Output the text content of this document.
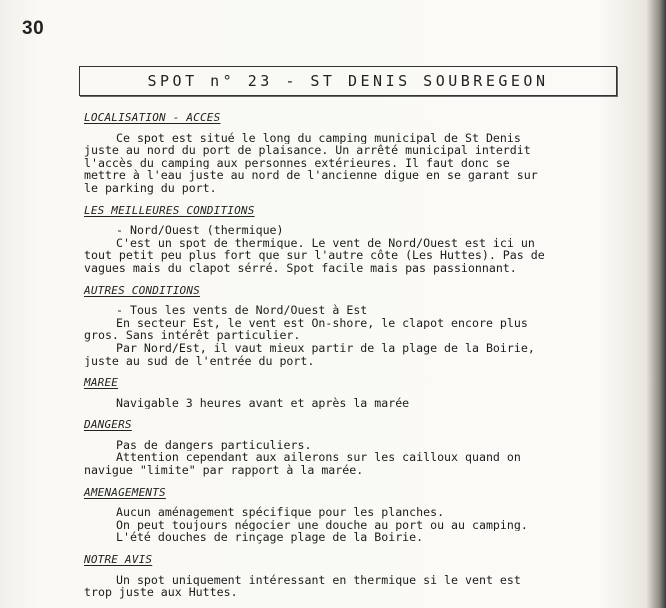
30
SPOT n° 23 - ST DENIS SOUBREGEON
LOCALISATION - ACCES
Ce spot est situé le long du camping municipal de St Denis
juste au nord du port de plaisance. Un arrêté municipal interdit
l'accès du camping aux personnes extérieures. Il faut donc se
mettre à l'eau juste au nord de l'ancienne digue en se garant sur
le parking du port.
LES MEILLEURES CONDITIONS
- Nord/Ouest (thermique)
C'est un spot de thermique. Le vent de Nord/Ouest est ici un
tout petit peu plus fort que sur l'autre côte (Les Huttes). Pas de
vagues mais du clapot sérré. Spot facile mais pas passionnant.
AUTRES CONDITIONS
- Tous les vents de Nord/Ouest à Est
En secteur Est, le vent est On-shore, le clapot encore plus
gros. Sans intérêt particulier.
Par Nord/Est, il vaut mieux partir de la plage de la Boirie,
juste au sud de l'entrée du port.
MAREE
Navigable 3 heures avant et après la marée
DANGERS
Pas de dangers particuliers.
Attention cependant aux ailerons sur les cailloux quand on
navigue "limite" par rapport à la marée.
AMENAGEMENTS
Aucun aménagement spécifique pour les planches.
On peut toujours négocier une douche au port ou au camping.
L'été douches de rinçage plage de la Boirie.
NOTRE AVIS
Un spot uniquement intéressant en thermique si le vent est
trop juste aux Huttes.
